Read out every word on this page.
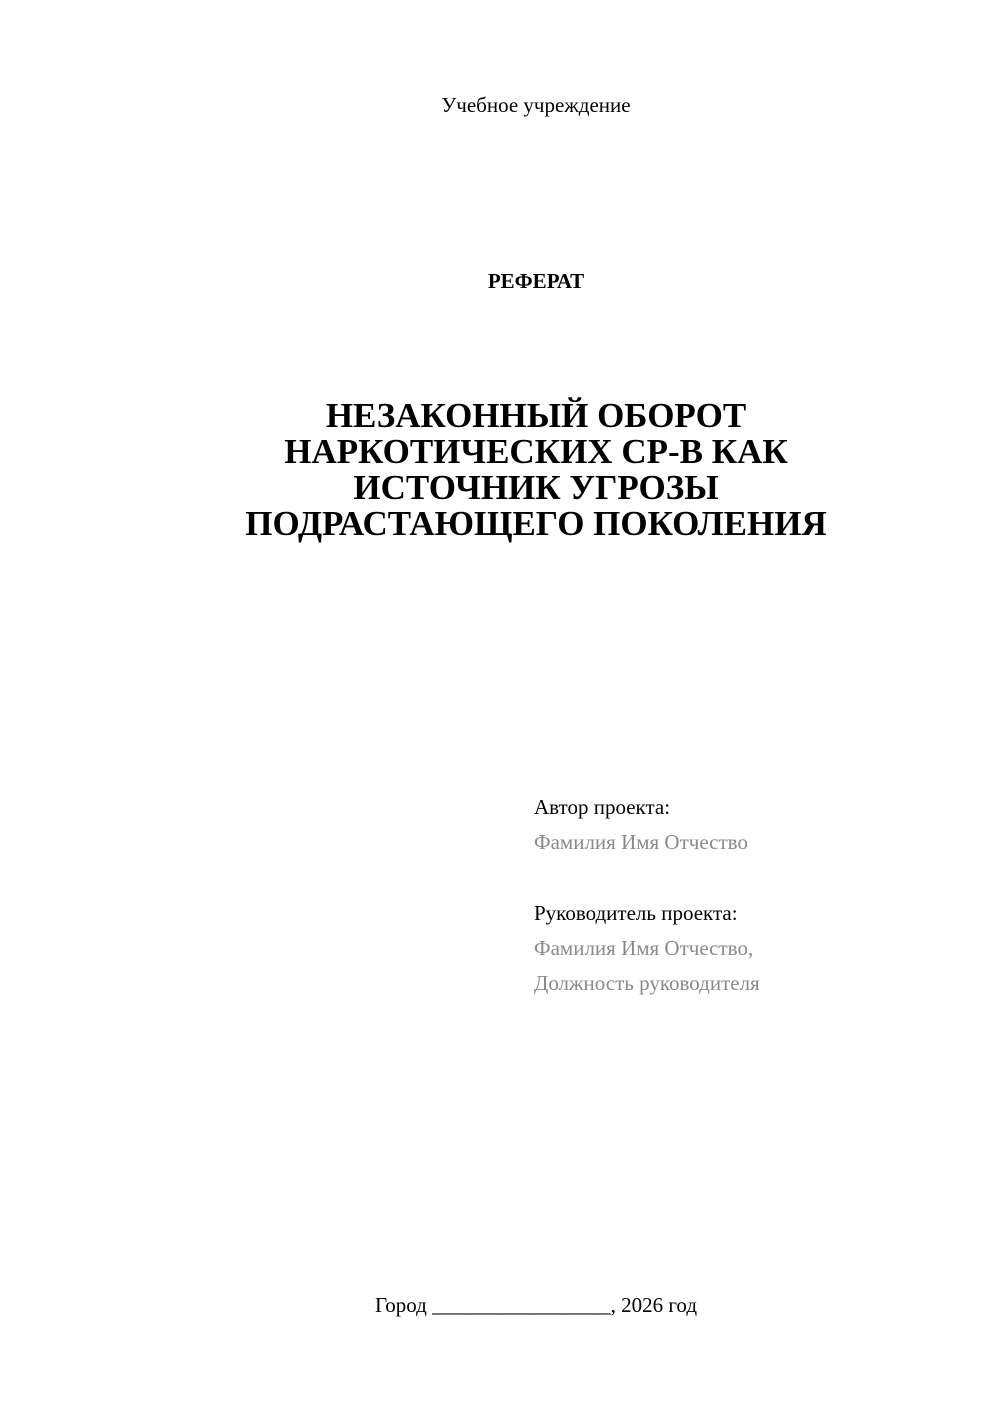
Учебное учреждение
РЕФЕРАТ
НЕЗАКОННЫЙ ОБОРОТ
НАРКОТИЧЕСКИХ СР-В КАК
ИСТОЧНИК УГРОЗЫ
ПОДРАСТАЮЩЕГО ПОКОЛЕНИЯ
Автор проекта:
Фамилия Имя Отчество
Руководитель проекта:
Фамилия Имя Отчество,
Должность руководителя
Город _________________, 2026 год
